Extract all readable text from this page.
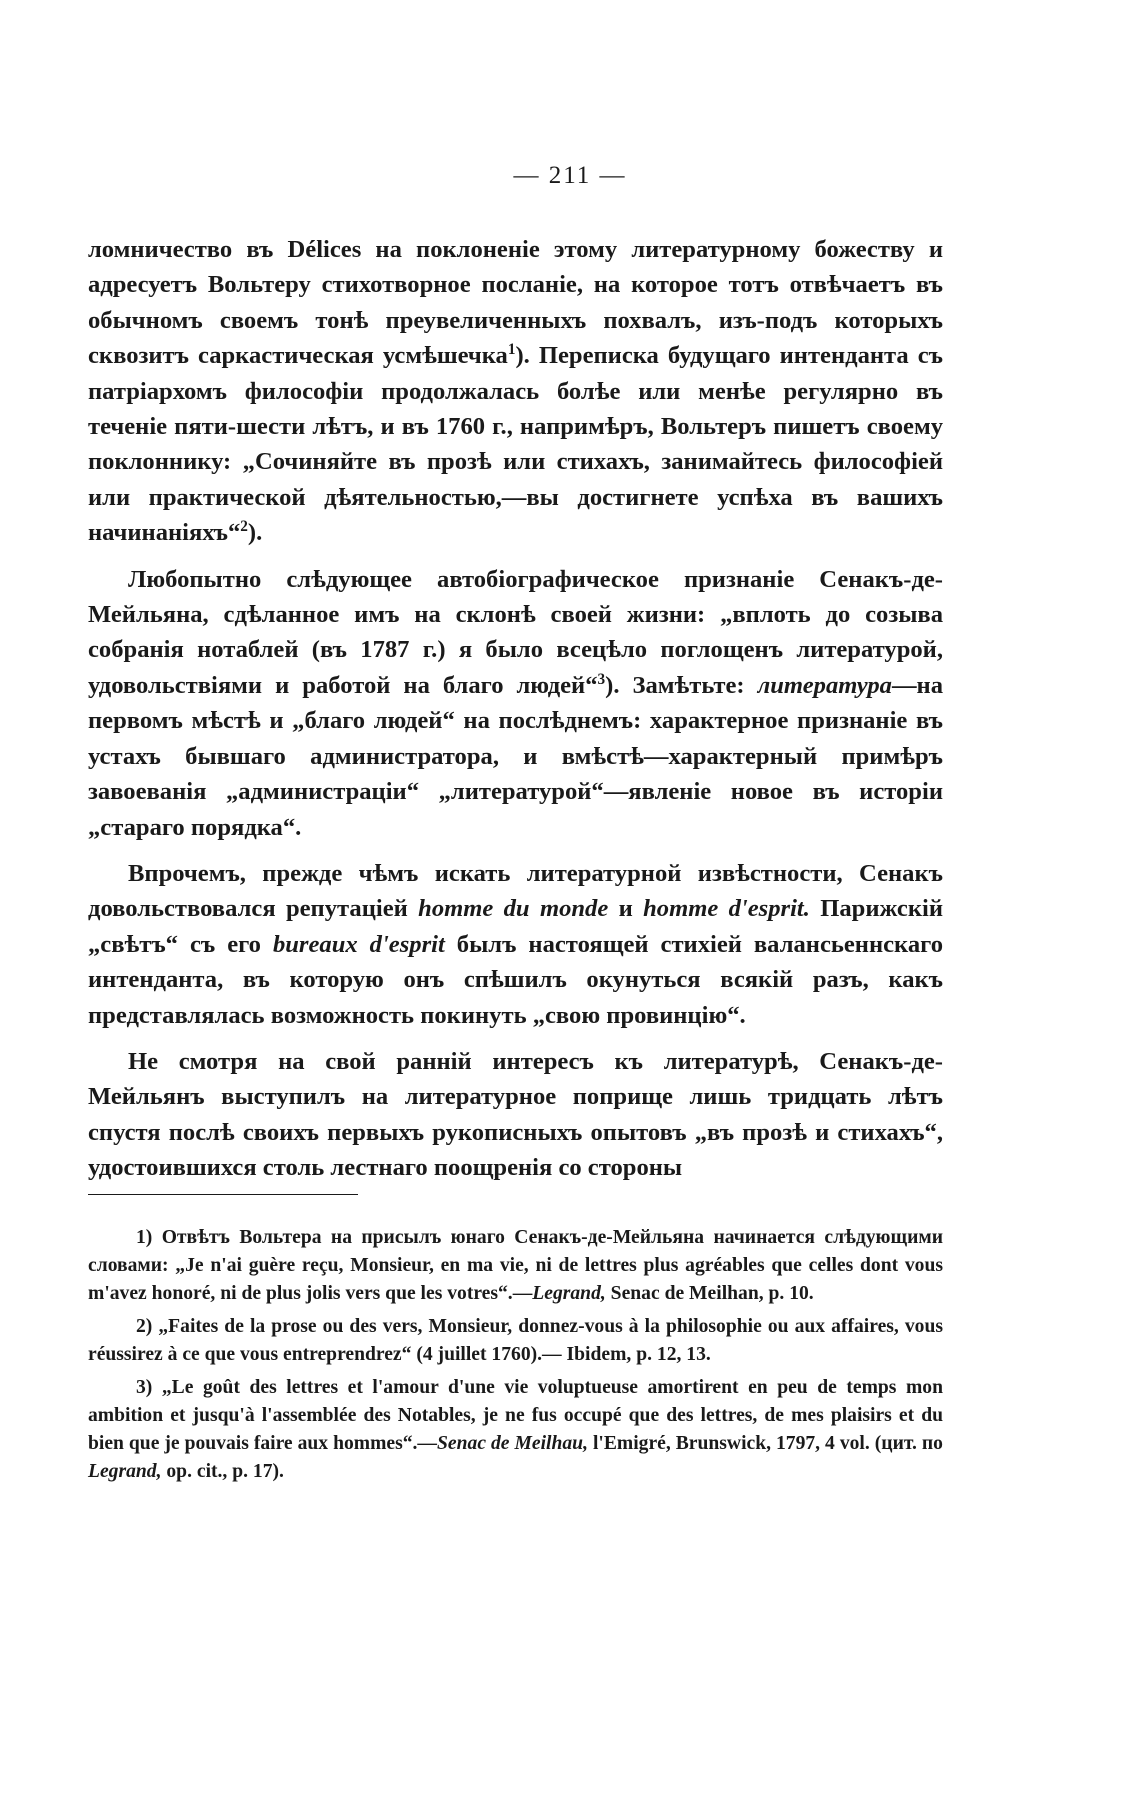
— 211 —

ломничество въ Délices на поклоненіе этому литературному божеству и адресуетъ Вольтеру стихотворное посланіе, на которое тотъ отвѣчаетъ въ обычномъ своемъ тонѣ преувеличенныхъ похвалъ, изъ-подъ которыхъ сквозитъ саркастическая усмѣшечка$^1$). Переписка будущаго интенданта съ патріархомъ философіи продолжалась болѣе или менѣе регулярно въ теченіе пяти-шести лѣтъ, и въ 1760 г., напримѣръ, Вольтеръ пишетъ своему поклоннику: „Сочиняйте въ прозѣ или стихахъ, занимайтесь философіей или практической дѣятельностью,—вы достигнете успѣха въ вашихъ начинаніяхъ“$^2$).

Любопытно слѣдующее автобіографическое признаніе Сенакъ-де-Мейльяна, сдѣланное имъ на склонѣ своей жизни: „вплоть до созыва собранія нотаблей (въ 1787 г.) я было всецѣло поглощенъ литературой, удовольствіями и работой на благо людей“$^3$). Замѣтьте: литература—на первомъ мѣстѣ и „благо людей“ на послѣднемъ: характерное признаніе въ устахъ бывшаго администратора, и вмѣстѣ—характерный примѣръ завоеванія „администраціи“ „литературой“—явленіе новое въ исторіи „стараго порядка“.

Впрочемъ, прежде чѣмъ искать литературной извѣстности, Сенакъ довольствовался репутаціей homme du monde и homme d'esprit. Парижскій „свѣтъ“ съ его bureaux d'esprit былъ настоящей стихіей валансьеннскаго интенданта, въ которую онъ спѣшилъ окунуться всякій разъ, какъ представлялась возможность покинуть „свою провинцію“.

Не смотря на свой ранній интересъ къ литературѣ, Сенакъ-де-Мейльянъ выступилъ на литературное поприще лишь тридцать лѣтъ спустя послѣ своихъ первыхъ рукописныхъ опытовъ „въ прозѣ и стихахъ“, удостоившихся столь лестнаго поощренія со стороны

1) Отвѣтъ Вольтера на присылъ юнаго Сенакъ-де-Мейльяна начинается слѣдующими словами: „Je n'ai guère reçu, Monsieur, en ma vie, ni de lettres plus agréables que celles dont vous m'avez honoré, ni de plus jolis vers que les votres“.—Legrand, Senac de Meilhan, p. 10.

2) „Faites de la prose ou des vers, Monsieur, donnez-vous à la philosophie ou aux affaires, vous réussirez à ce que vous entreprendrez“ (4 juillet 1760).— Ibidem, p. 12, 13.

3) „Le goût des lettres et l'amour d'une vie voluptueuse amortirent en peu de temps mon ambition et jusqu'à l'assemblée des Notables, je ne fus occupé que des lettres, de mes plaisirs et du bien que je pouvais faire aux hommes“.—Senac de Meilhau, l'Emigré, Brunswick, 1797, 4 vol. (цит. по Legrand, op. cit., p. 17).
